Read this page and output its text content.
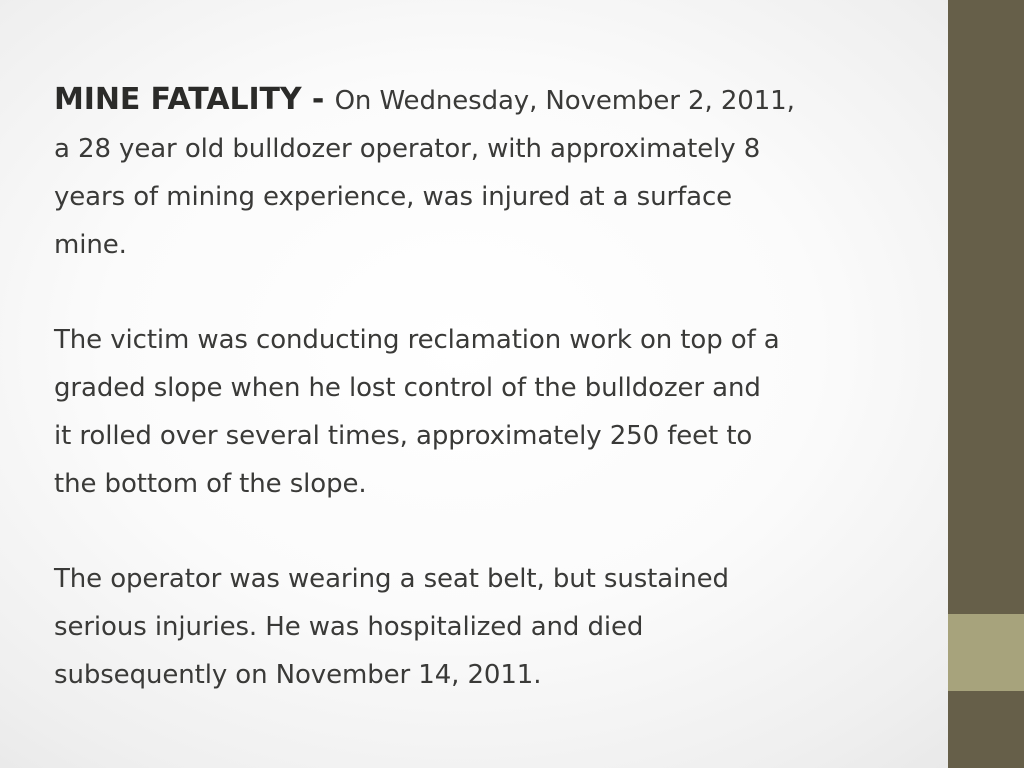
MINE FATALITY - On Wednesday, November 2, 2011,
a 28 year old bulldozer operator, with approximately 8
years of mining experience, was injured at a surface
mine.

The victim was conducting reclamation work on top of a
graded slope when he lost control of the bulldozer and
it rolled over several times, approximately 250 feet to
the bottom of the slope.

The operator was wearing a seat belt, but sustained
serious injuries. He was hospitalized and died
subsequently on November 14, 2011.
